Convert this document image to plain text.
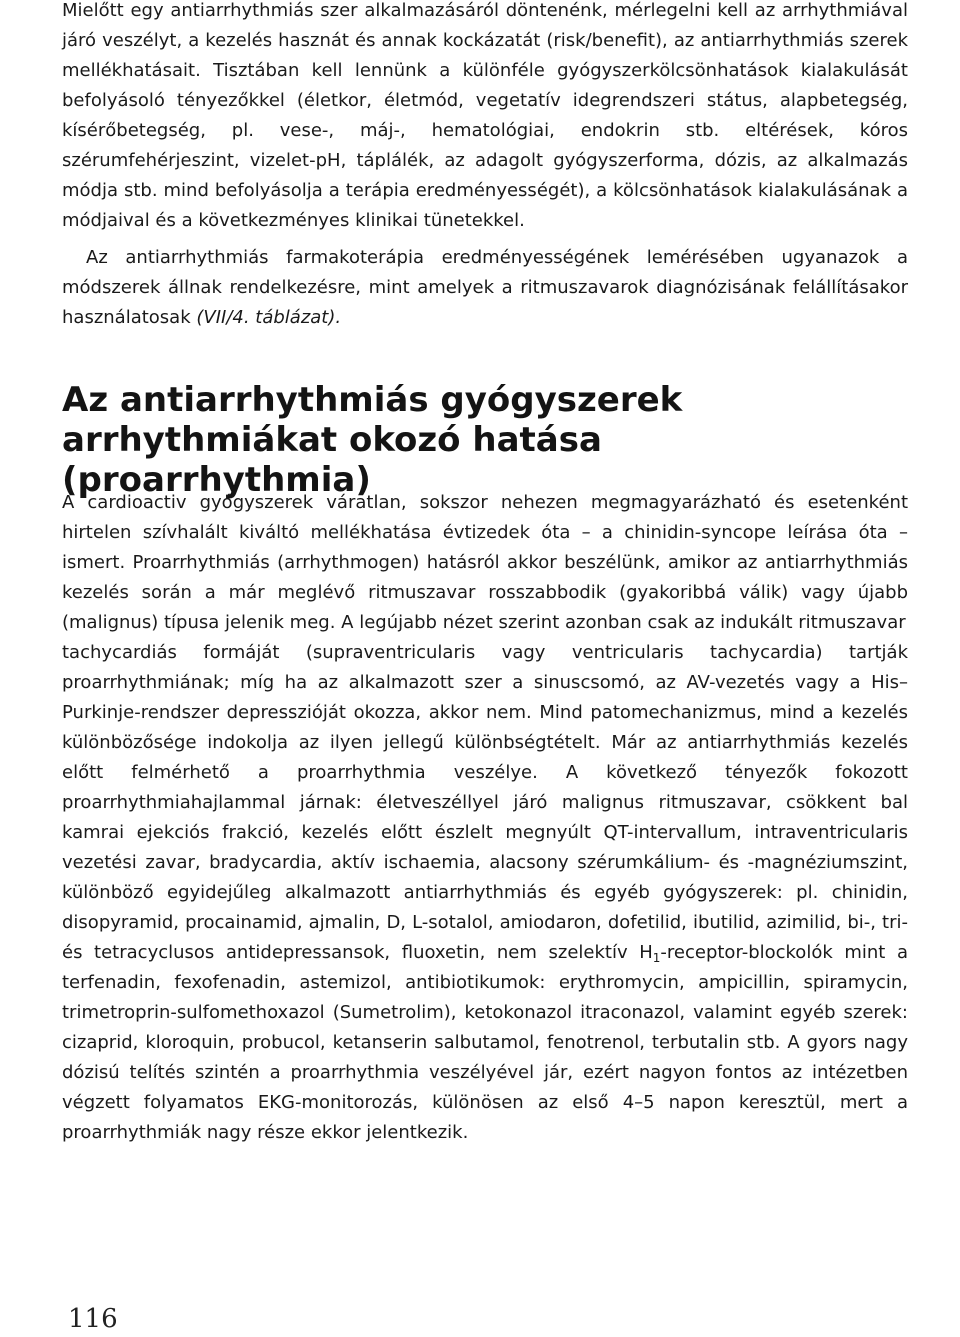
Mielőtt egy antiarrhythmiás szer alkalmazásáról döntenénk, mérlegelni kell az arrhythmiával járó veszélyt, a kezelés hasznát és annak kockázatát (risk/benefit), az antiarrhythmiás szerek mellékhatásait. Tisztában kell lennünk a különféle gyógyszerkölcsönhatások kialakulását befolyásoló tényezőkkel (életkor, életmód, vegetatív idegrendszeri státus, alapbetegség, kísérőbetegség, pl. vese-, máj-, hematológiai, endokrin stb. eltérések, kóros szérumfehérjeszint, vizelet-pH, táplálék, az adagolt gyógyszerforma, dózis, az alkalmazás módja stb. mind befolyásolja a terápia eredményességét), a kölcsönhatások kialakulásának a módjaival és a következményes klinikai tünetekkel.

Az antiarrhythmiás farmakoterápia eredményességének lemérésében ugyanazok a módszerek állnak rendelkezésre, mint amelyek a ritmuszavarok diagnózisának felállításakor használatosak (VII/4. táblázat).

Az antiarrhythmiás gyógyszerek arrhythmiákat okozó hatása (proarrhythmia)

A cardioactiv gyógyszerek váratlan, sokszor nehezen megmagyarázható és esetenként hirtelen szívhalált kiváltó mellékhatása évtizedek óta – a chinidin-syncope leírása óta – ismert. Proarrhythmiás (arrhythmogen) hatásról akkor beszélünk, amikor az antiarrhythmiás kezelés során a már meglévő ritmuszavar rosszabbodik (gyakoribbá válik) vagy újabb (malignus) típusa jelenik meg. A legújabb nézet szerint azonban csak az indukált ritmuszavar

tachycardiás formáját (supraventricularis vagy ventricularis tachycardia) tartják proarrhythmiának; míg ha az alkalmazott szer a sinuscsomó, az AV-vezetés vagy a His–Purkinje-rendszer depresszióját okozza, akkor nem. Mind patomechanizmus, mind a kezelés különbözősége indokolja az ilyen jellegű különbségtételt. Már az antiarrhythmiás kezelés előtt felmérhető a proarrhythmia veszélye. A következő tényezők fokozott proarrhythmiahajlammal járnak: életveszéllyel járó malignus ritmuszavar, csökkent bal kamrai ejekciós frakció, kezelés előtt észlelt megnyúlt QT-intervallum, intraventricularis vezetési zavar, bradycardia, aktív ischaemia, alacsony szérumkálium- és -magnéziumszint, különböző egyidejűleg alkalmazott antiarrhythmiás és egyéb gyógyszerek: pl. chinidin, disopyramid, procainamid, ajmalin, D, L-sotalol, amiodaron, dofetilid, ibutilid, azimilid, bi-, tri- és tetracyclusos antidepressansok, fluoxetin, nem szelektív $H_1-receptor$-blockolók mint a terfenadin, fexofenadin, astemizol, antibiotikumok: erythromycin, ampicillin, spiramycin, trimetroprin-sulfomethoxazol (Sumetrolim), ketokonazol itraconazol, valamint egyéb szerek: cizaprid, kloroquin, probucol, ketanserin salbutamol, fenotrenol, terbutalin stb. A gyors nagy dózisú telítés szintén a proarrhythmia veszélyével jár, ezért nagyon fontos az intézetben végzett folyamatos EKG-monitorozás, különösen az első 4–5 napon keresztül, mert a proarrhythmiák nagy része ekkor jelentkezik.

116
